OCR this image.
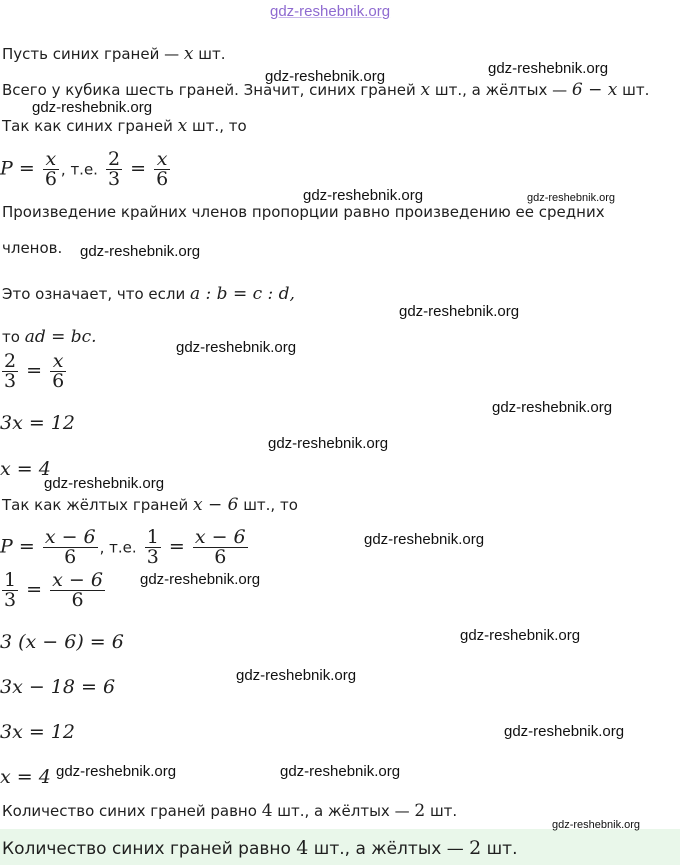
gdz-reshebnik.org
Пусть синих граней — x шт.
Всего у кубика шесть граней. Значит, синих граней x шт., а жёлтых — 6 − x шт.
Так как синих граней x шт., то
$P = \frac{x}{6}$ , т.е. $\frac{2}{3} = \frac{x}{6}$
Произведение крайних членов пропорции равно произведению ее средних
членов.
Это означает, что если a : b = c : d,
то ad = bc.
$\frac{2}{3} = \frac{x}{6}$
3x = 12
x = 4
Так как жёлтых граней x − 6 шт., то
$P = \frac{x - 6}{6}$ , т.е. $\frac{1}{3} = \frac{x - 6}{6}$
$\frac{1}{3} = \frac{x - 6}{6}$
3 (x − 6) = 6
3x − 18 = 6
3x = 12
x = 4
Количество синих граней равно 4 шт., а жёлтых — 2 шт.
Количество синих граней равно 4 шт., а жёлтых — 2 шт.
gdz-reshebnik.org	gdz-reshebnik.org
gdz-reshebnik.org
gdz-reshebnik.org	gdz-reshebnik.org
gdz-reshebnik.org
gdz-reshebnik.org
gdz-reshebnik.org
gdz-reshebnik.org
gdz-reshebnik.org
gdz-reshebnik.org
gdz-reshebnik.org
gdz-reshebnik.org
gdz-reshebnik.org
gdz-reshebnik.org
gdz-reshebnik.org
gdz-reshebnik.org	gdz-reshebnik.org
gdz-reshebnik.org
